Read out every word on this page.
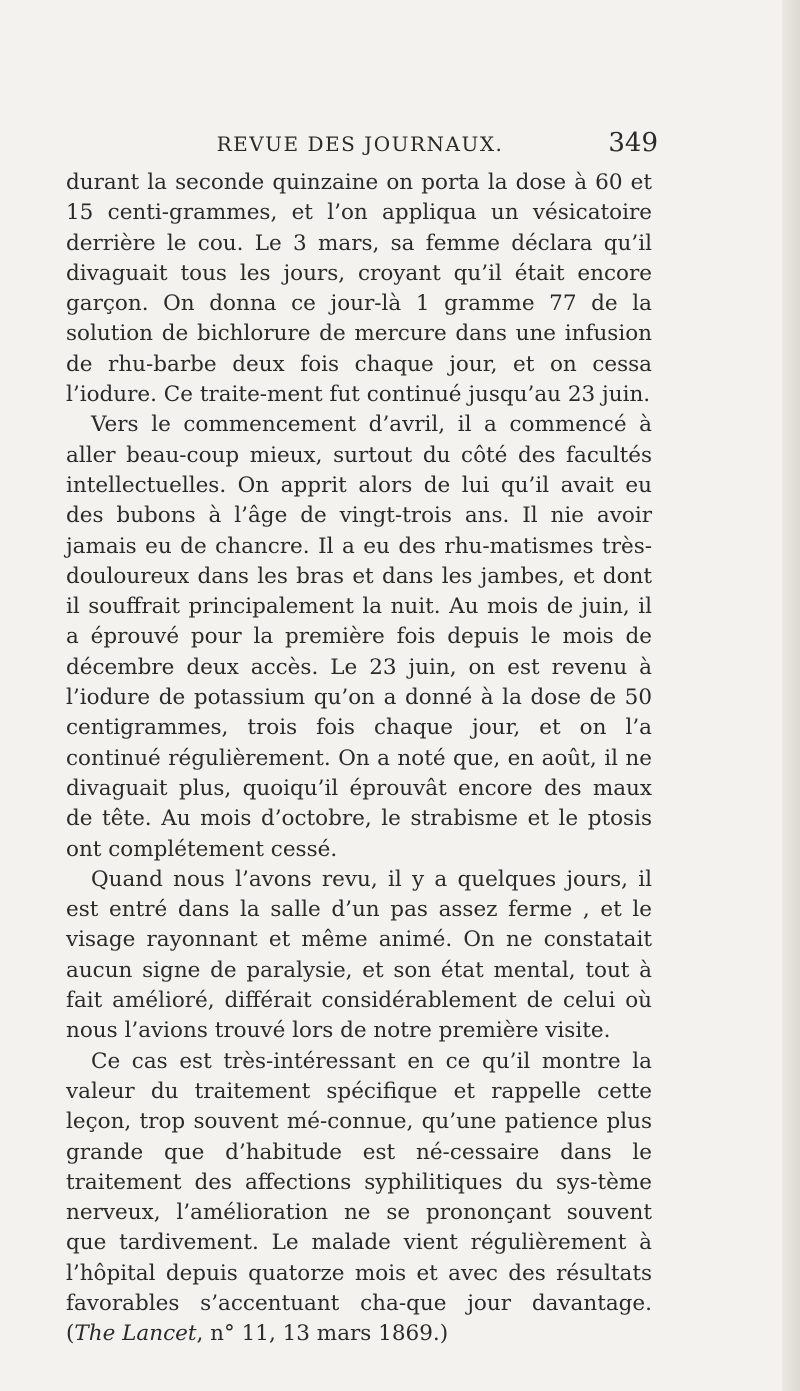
REVUE DES JOURNAUX.	349

durant la seconde quinzaine on porta la dose à 60 et 15 centi-grammes, et l’on appliqua un vésicatoire derrière le cou. Le 3 mars, sa femme déclara qu’il divaguait tous les jours, croyant qu’il était encore garçon. On donna ce jour-là 1 gramme 77 de la solution de bichlorure de mercure dans une infusion de rhu-barbe deux fois chaque jour, et on cessa l’iodure. Ce traite-ment fut continué jusqu’au 23 juin.

Vers le commencement d’avril, il a commencé à aller beau-coup mieux, surtout du côté des facultés intellectuelles. On apprit alors de lui qu’il avait eu des bubons à l’âge de vingt-trois ans. Il nie avoir jamais eu de chancre. Il a eu des rhu-matismes très-douloureux dans les bras et dans les jambes, et dont il souffrait principalement la nuit. Au mois de juin, il a éprouvé pour la première fois depuis le mois de décembre deux accès. Le 23 juin, on est revenu à l’iodure de potassium qu’on a donné à la dose de 50 centigrammes, trois fois chaque jour, et on l’a continué régulièrement. On a noté que, en août, il ne divaguait plus, quoiqu’il éprouvât encore des maux de tête. Au mois d’octobre, le strabisme et le ptosis ont complétement cessé.

Quand nous l’avons revu, il y a quelques jours, il est entré dans la salle d’un pas assez ferme , et le visage rayonnant et même animé. On ne constatait aucun signe de paralysie, et son état mental, tout à fait amélioré, différait considérablement de celui où nous l’avions trouvé lors de notre première visite.

Ce cas est très-intéressant en ce qu’il montre la valeur du traitement spécifique et rappelle cette leçon, trop souvent mé-connue, qu’une patience plus grande que d’habitude est né-cessaire dans le traitement des affections syphilitiques du sys-tème nerveux, l’amélioration ne se prononçant souvent que tardivement. Le malade vient régulièrement à l’hôpital depuis quatorze mois et avec des résultats favorables s’accentuant cha-que jour davantage. (The Lancet, n° 11, 13 mars 1869.)
